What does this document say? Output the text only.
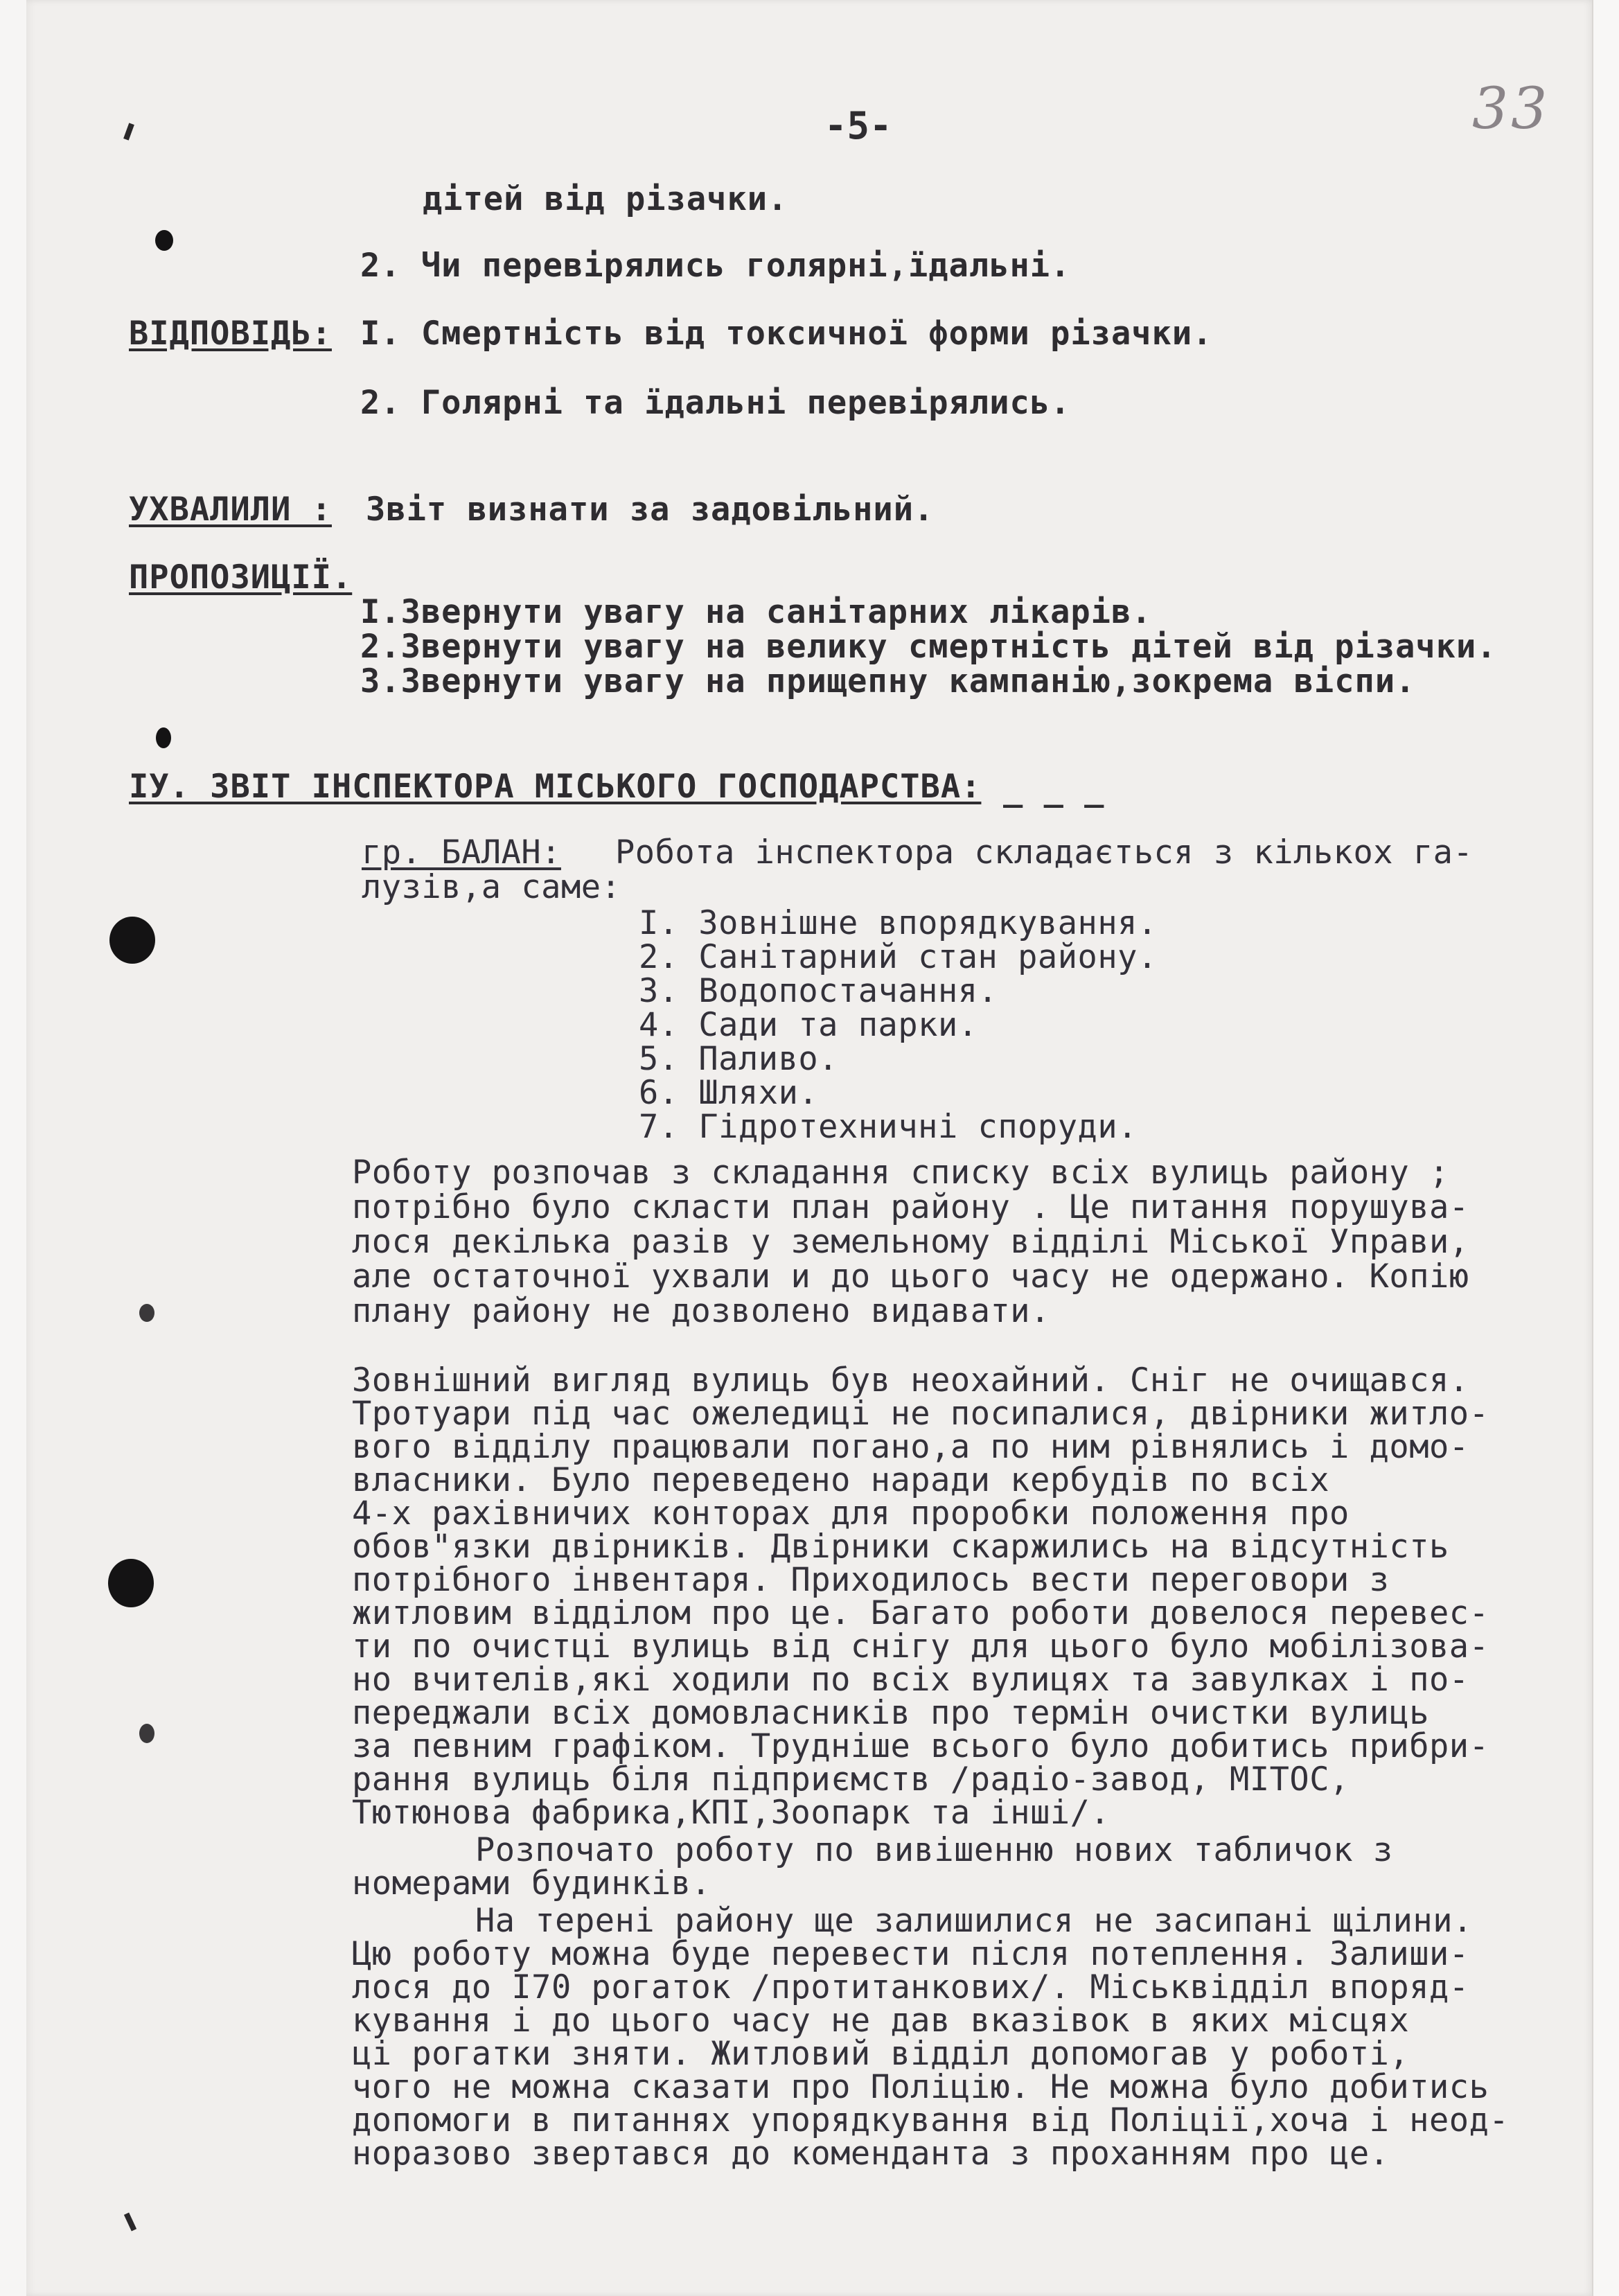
-5-	33
дітей від різачки.
2. Чи перевірялись голярні,їдальні.
ВІДПОВІДЬ: І. Смертність від токсичної форми різачки.
2. Голярні та їдальні перевірялись.
УХВАЛИЛИ : Звіт визнати за задовільний.
ПРОПОЗИЦІЇ.
І.Звернути увагу на санітарних лікарів.
2.Звернути увагу на велику смертність дітей від різачки.
3.Звернути увагу на прищепну кампанію,зокрема віспи.
ІУ. ЗВІТ ІНСПЕКТОРА МІСЬКОГО ГОСПОДАРСТВА: _ _ _
гр. БАЛАН: Робота інспектора складається з кількох га-
лузів,а саме:
І. Зовнішне впорядкування.
2. Санітарний стан району.
3. Водопостачання.
4. Сади та парки.
5. Паливо.
6. Шляхи.
7. Гідротехничні споруди.
Роботу розпочав з складання списку всіх вулиць району ;
потрібно було скласти план району . Це питання порушува-
лося декілька разів у земельному відділі Міської Управи,
але остаточної ухвали и до цього часу не одержано. Копію
плану району не дозволено видавати.
Зовнішний вигляд вулиць був неохайний. Сніг не очищався.
Тротуари під час ожеледиці не посипалися, двірники житло-
вого відділу працювали погано,а по ним рівнялись і домо-
власники. Було переведено наради кербудів по всіх
4-х рахівничих конторах для проробки положення про
обов"язки двірників. Двірники скаржились на відсутність
потрібного інвентаря. Приходилось вести переговори з
житловим відділом про це. Багато роботи довелося перевес-
ти по очистці вулиць від снігу для цього було мобілізова-
но вчителів,які ходили по всіх вулицях та завулках і по-
переджали всіх домовласників про термін очистки вулиць
за певним графіком. Трудніше всього було добитись прибри-
рання вулиць біля підприємств /радіо-завод, МІТОС,
Тютюнова фабрика,КПІ,Зоопарк та інші/.
Розпочато роботу по вивішенню нових табличок з
номерами будинків.
На терені району ще залишилися не засипані щілини.
Цю роботу можна буде перевести після потеплення. Залиши-
лося до І70 рогаток /протитанкових/. Міськвідділ впоряд-
кування і до цього часу не дав вказівок в яких місцях
ці рогатки зняти. Житловий відділ допомогав у роботі,
чого не можна сказати про Поліцію. Не можна було добитись
допомоги в питаннях упорядкування від Поліції,хоча і неод-
норазово звертався до коменданта з проханням про це.
